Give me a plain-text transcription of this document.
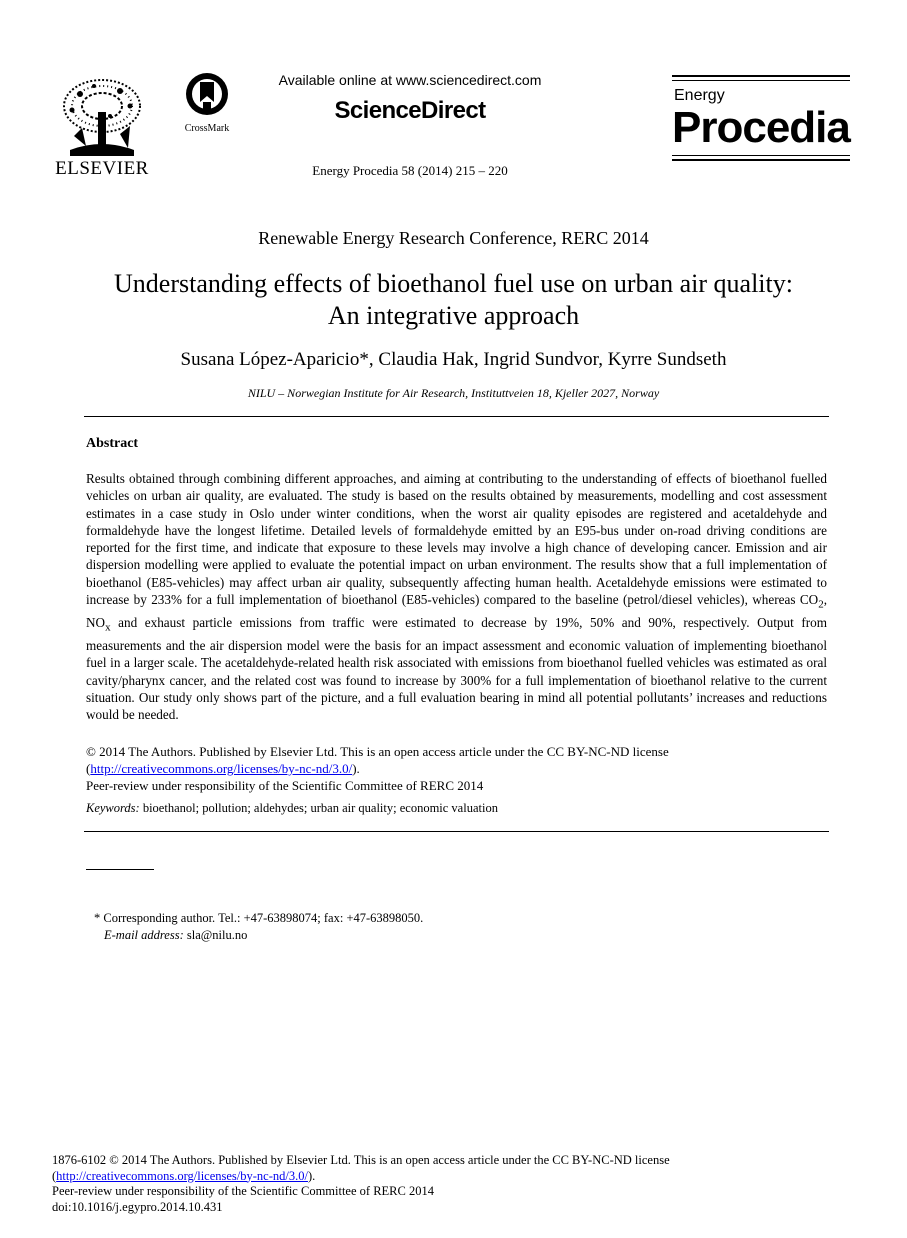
ELSEVIER
CrossMark
Available online at www.sciencedirect.com
ScienceDirect
Energy Procedia 58 (2014) 215 – 220
Energy
Procedia
Renewable Energy Research Conference, RERC 2014
Understanding effects of bioethanol fuel use on urban air quality:
An integrative approach
Susana López-Aparicio*, Claudia Hak, Ingrid Sundvor, Kyrre Sundseth
NILU – Norwegian Institute for Air Research, Instituttveien 18, Kjeller 2027, Norway
Abstract
Results obtained through combining different approaches, and aiming at contributing to the understanding of effects of bioethanol fuelled vehicles on urban air quality, are evaluated. The study is based on the results obtained by measurements, modelling and cost assessment estimates in a case study in Oslo under winter conditions, when the worst air quality episodes are registered and acetaldehyde and formaldehyde have the longest lifetime. Detailed levels of formaldehyde emitted by an E95-bus under on-road driving conditions are reported for the first time, and indicate that exposure to these levels may involve a high chance of developing cancer. Emission and air dispersion modelling were applied to evaluate the potential impact on urban environment. The results show that a full implementation of bioethanol (E85-vehicles) may affect urban air quality, subsequently affecting human health. Acetaldehyde emissions were estimated to increase by 233% for a full implementation of bioethanol (E85-vehicles) compared to the baseline (petrol/diesel vehicles), whereas $CO_2$, $NO_x$ and exhaust particle emissions from traffic were estimated to decrease by 19%, 50% and 90%, respectively. Output from measurements and the air dispersion model were the basis for an impact assessment and economic valuation of implementing bioethanol fuel in a larger scale. The acetaldehyde-related health risk associated with emissions from bioethanol fuelled vehicles was estimated as oral cavity/pharynx cancer, and the related cost was found to increase by 300% for a full implementation of bioethanol relative to the current situation. Our study only shows part of the picture, and a full evaluation bearing in mind all potential pollutants’ increases and reductions would be needed.
© 2014 The Authors. Published by Elsevier Ltd. This is an open access article under the CC BY-NC-ND license
(http://creativecommons.org/licenses/by-nc-nd/3.0/).
Peer-review under responsibility of the Scientific Committee of RERC 2014
Keywords: bioethanol; pollution; aldehydes; urban air quality; economic valuation
* Corresponding author. Tel.: +47-63898074; fax: +47-63898050.
E-mail address: sla@nilu.no
1876-6102 © 2014 The Authors. Published by Elsevier Ltd. This is an open access article under the CC BY-NC-ND license
(http://creativecommons.org/licenses/by-nc-nd/3.0/).
Peer-review under responsibility of the Scientific Committee of RERC 2014
doi:10.1016/j.egypro.2014.10.431
